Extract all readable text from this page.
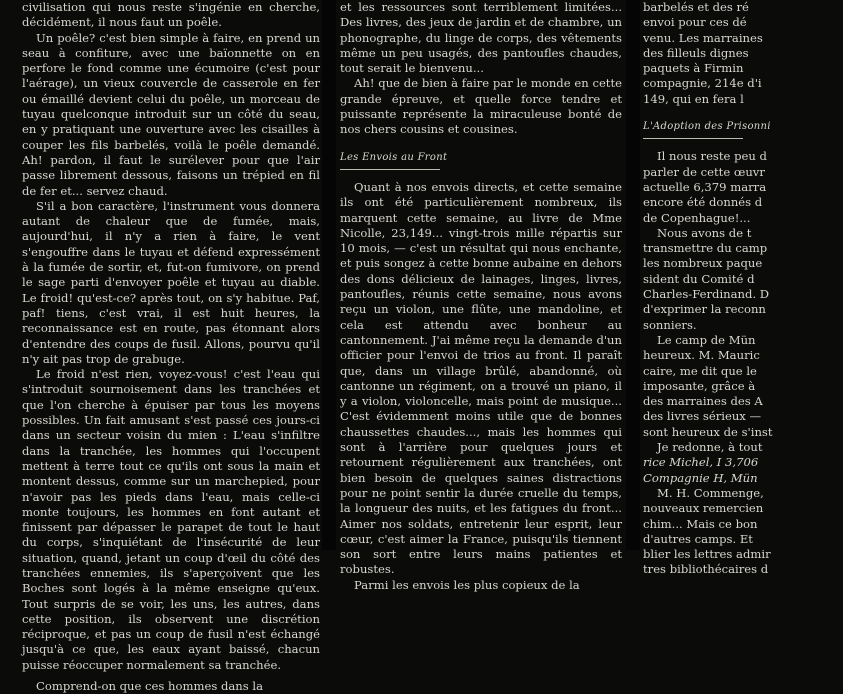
civilisation qui nous reste s'ingénie en cherche, décidément, il nous faut un poêle.

Un poêle? c'est bien simple à faire, en prend un seau à confiture, avec une baïonnette on en perfore le fond comme une écumoire (c'est pour l'aérage), un vieux couvercle de casserole en fer ou émaillé devient celui du poêle, un morceau de tuyau quelconque introduit sur un côté du seau, en y pratiquant une ouverture avec les cisailles à couper les fils barbelés, voilà le poêle demandé. Ah! pardon, il faut le surélever pour que l'air passe librement dessous, faisons un trépied en fil de fer et... servez chaud.

S'il a bon caractère, l'instrument vous donnera autant de chaleur que de fumée, mais, aujourd'hui, il n'y a rien à faire, le vent s'engouffre dans le tuyau et défend expressément à la fumée de sortir, et, fut-on fumivore, on prend le sage parti d'envoyer poêle et tuyau au diable. Le froid! qu'est-ce? après tout, on s'y habitue. Paf, paf! tiens, c'est vrai, il est huit heures, la reconnaissance est en route, pas étonnant alors d'entendre des coups de fusil. Allons, pourvu qu'il n'y ait pas trop de grabuge.

Le froid n'est rien, voyez-vous! c'est l'eau qui s'introduit sournoisement dans les tranchées et que l'on cherche à épuiser par tous les moyens possibles. Un fait amusant s'est passé ces jours-ci dans un secteur voisin du mien : L'eau s'infiltre dans la tranchée, les hommes qui l'occupent mettent à terre tout ce qu'ils ont sous la main et montent dessus, comme sur un marchepied, pour n'avoir pas les pieds dans l'eau, mais celle-ci monte toujours, les hommes en font autant et finissent par dépasser le parapet de tout le haut du corps, s'inquiétant de l'insécurité de leur situation, quand, jetant un coup d'œil du côté des tranchées ennemies, ils s'aperçoivent que les Boches sont logés à la même enseigne qu'eux. Tout surpris de se voir, les uns, les autres, dans cette position, ils observent une discrétion réciproque, et pas un coup de fusil n'est échangé jusqu'à ce que, les eaux ayant baissé, chacun puisse réoccuper normalement sa tranchée.

Comprend-on que ces hommes dans la

et les ressources sont terriblement limitées... Des livres, des jeux de jardin et de chambre, un phonographe, du linge de corps, des vêtements même un peu usagés, des pantoufles chaudes, tout serait le bienvenu...

Ah! que de bien à faire par le monde en cette grande épreuve, et quelle force tendre et puissante représente la miraculeuse bonté de nos chers cousins et cousines.

Les Envois au Front

Quant à nos envois directs, et cette semaine ils ont été particulièrement nombreux, ils marquent cette semaine, au livre de Mme Nicolle, 23,149... vingt-trois mille répartis sur 10 mois, — c'est un résultat qui nous enchante, et puis songez à cette bonne aubaine en dehors des dons délicieux de lainages, linges, livres, pantoufles, réunis cette semaine, nous avons reçu un violon, une flûte, une mandoline, et cela est attendu avec bonheur au cantonnement. J'ai même reçu la demande d'un officier pour l'envoi de trios au front. Il paraît que, dans un village brûlé, abandonné, où cantonne un régiment, on a trouvé un piano, il y a violon, violoncelle, mais point de musique... C'est évidemment moins utile que de bonnes chaussettes chaudes..., mais les hommes qui sont à l'arrière pour quelques jours et retournent régulièrement aux tranchées, ont bien besoin de quelques saines distractions pour ne point sentir la durée cruelle du temps, la longueur des nuits, et les fatigues du front... Aimer nos soldats, entretenir leur esprit, leur cœur, c'est aimer la France, puisqu'ils tiennent son sort entre leurs mains patientes et robustes.

Parmi les envois les plus copieux de la

barbelés et des ré

envoi pour ces dé

venu. Les marraines

des filleuls dignes

paquets à Firmin

compagnie, 214e d'i

149, qui en fera l

L'Adoption des Prisonni

Il nous reste peu d

parler de cette œuvr

actuelle 6,379 marra

encore été donnés d

de Copenhague!...

Nous avons de t

transmettre du camp

les nombreux paque

sident du Comité d

Charles-Ferdinand. D

d'exprimer la reconn

sonniers.

Le camp de Mün

heureux. M. Mauric

caire, me dit que le

imposante, grâce à

des marraines des A

des livres sérieux —

sont heureux de s'inst

Je redonne, à tout

rice Michel, I 3,706

Compagnie H, Mün

M. H. Commenge,

nouveaux remercien

chim... Mais ce bon

d'autres camps. Et

blier les lettres admir

tres bibliothécaires d
